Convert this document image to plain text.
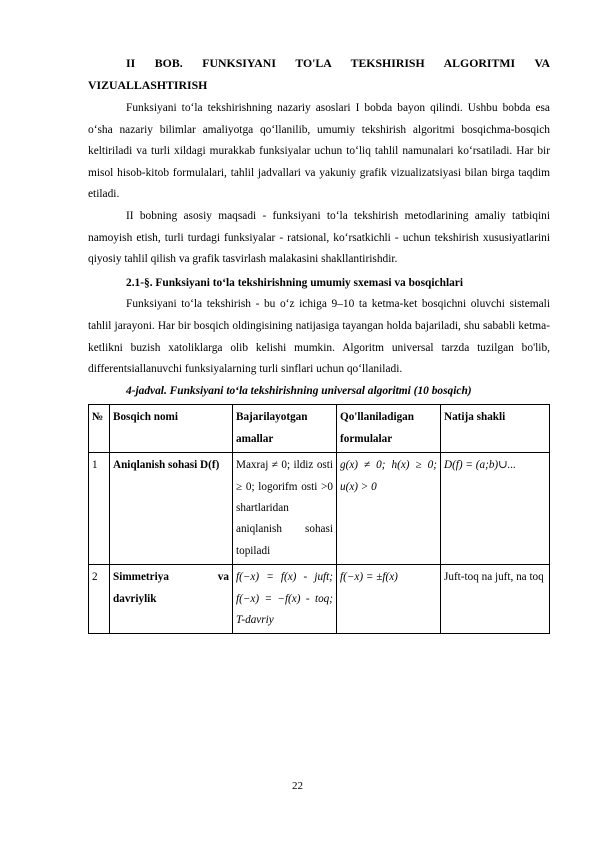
II BOB. FUNKSIYANI TO'LA TEKSHIRISH ALGORITMI VA VIZUALLASHTIRISH

Funksiyani to‘la tekshirishning nazariy asoslari I bobda bayon qilindi. Ushbu bobda esa o‘sha nazariy bilimlar amaliyotga qo‘llanilib, umumiy tekshirish algoritmi bosqichma-bosqich keltiriladi va turli xildagi murakkab funksiyalar uchun to‘liq tahlil namunalari ko‘rsatiladi. Har bir misol hisob-kitob formulalari, tahlil jadvallari va yakuniy grafik vizualizatsiyasi bilan birga taqdim etiladi.

II bobning asosiy maqsadi - funksiyani to‘la tekshirish metodlarining amaliy tatbiqini namoyish etish, turli turdagi funksiyalar - ratsional, ko‘rsatkichli - uchun tekshirish xususiyatlarini qiyosiy tahlil qilish va grafik tasvirlash malakasini shakllantirishdir.

2.1-§. Funksiyani to‘la tekshirishning umumiy sxemasi va bosqichlari

Funksiyani to‘la tekshirish - bu o‘z ichiga 9–10 ta ketma-ket bosqichni oluvchi sistemali tahlil jarayoni. Har bir bosqich oldingisining natijasiga tayangan holda bajariladi, shu sababli ketma-ketlikni buzish xatoliklarga olib kelishi mumkin. Algoritm universal tarzda tuzilgan bo'lib, differentsiallanuvchi funksiyalarning turli sinflari uchun qo‘llaniladi.

4-jadval. Funksiyani to‘la tekshirishning universal algoritmi (10 bosqich)

№	Bosqich nomi	Bajarilayotgan amallar	Qo'llaniladigan formulalar	Natija shakli
1	Aniqlanish sohasi D(f)	Maxraj ≠ 0; ildiz osti ≥ 0; logorifm osti >0 shartlaridan aniqlanish sohasi topiladi	g(x) ≠ 0; h(x) ≥ 0; u(x) > 0	D(f) = (a;b)∪...
2	Simmetriya va davriylik	f(−x) = f(x) - juft; f(−x) = −f(x) - toq; T-davriy	f(−x) = ±f(x)	Juft-toq na juft, na toq
22
